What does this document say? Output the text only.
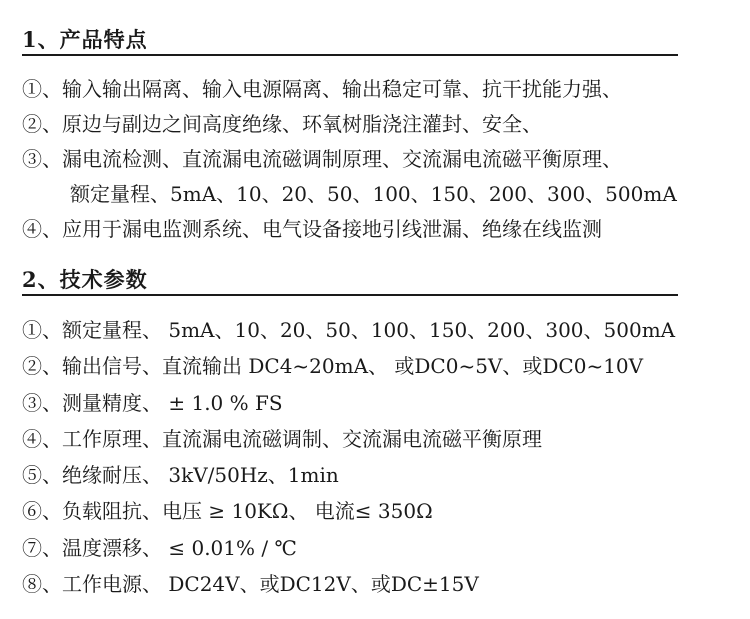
1、产品特点
①、输入输出隔离、输入电源隔离、输出稳定可靠、抗干扰能力强、
②、原边与副边之间高度绝缘、环氧树脂浇注灌封、安全、
③、漏电流检测、直流漏电流磁调制原理、交流漏电流磁平衡原理、
额定量程、5mA、10、20、50、100、150、200、300、500mA
④、应用于漏电监测系统、电气设备接地引线泄漏、绝缘在线监测
2、技术参数
①、额定量程、 5mA、10、20、50、100、150、200、300、500mA
②、输出信号、直流输出 DC4~20mA、 或DC0~5V、或DC0~10V
③、测量精度、 ± 1.0 % FS
④、工作原理、直流漏电流磁调制、交流漏电流磁平衡原理
⑤、绝缘耐压、 3kV/50Hz、1min
⑥、负载阻抗、电压 ≥ 10KΩ、 电流≤ 350Ω
⑦、温度漂移、 ≤ 0.01% / ℃
⑧、工作电源、 DC24V、或DC12V、或DC±15V
